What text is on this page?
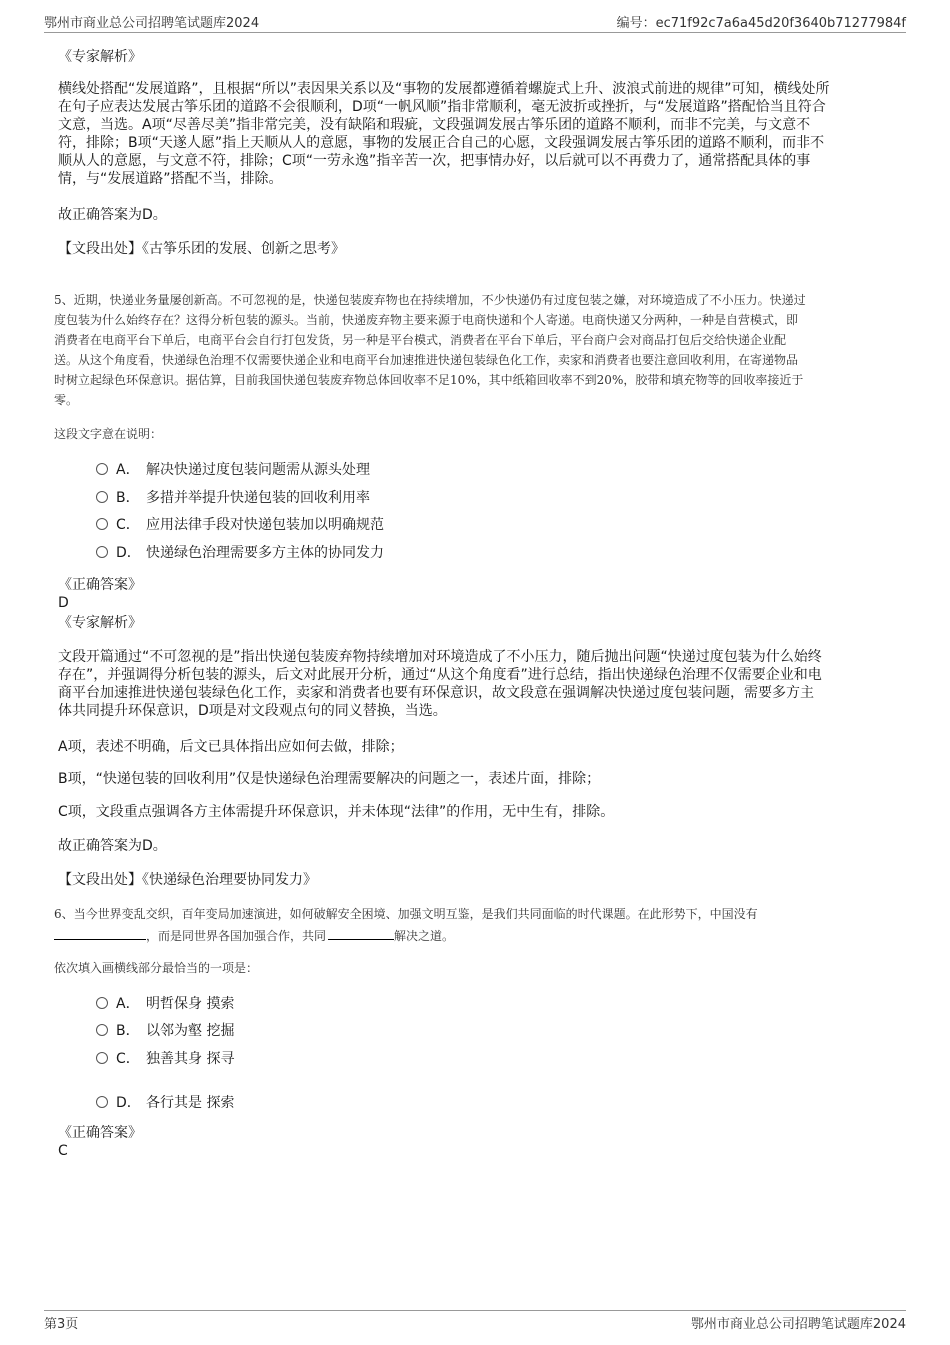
鄂州市商业总公司招聘笔试题库2024	编号：ec71f92c7a6a45d20f3640b71277984f
《专家解析》
横线处搭配“发展道路”，且根据“所以”表因果关系以及“事物的发展都遵循着螺旋式上升、波浪式前进的规律”可知，横线处所
在句子应表达发展古筝乐团的道路不会很顺利，D项“一帆风顺”指非常顺利，毫无波折或挫折，与“发展道路”搭配恰当且符合
文意，当选。A项“尽善尽美”指非常完美，没有缺陷和瑕疵，文段强调发展古筝乐团的道路不顺利，而非不完美，与文意不
符，排除；B项“天遂人愿”指上天顺从人的意愿，事物的发展正合自己的心愿，文段强调发展古筝乐团的道路不顺利，而非不
顺从人的意愿，与文意不符，排除；C项“一劳永逸”指辛苦一次，把事情办好，以后就可以不再费力了，通常搭配具体的事
情，与“发展道路”搭配不当，排除。
故正确答案为D。
【文段出处】《古筝乐团的发展、创新之思考》
5、近期，快递业务量屡创新高。不可忽视的是，快递包装废弃物也在持续增加，不少快递仍有过度包装之嫌，对环境造成了不小压力。快递过
度包装为什么始终存在？这得分析包装的源头。当前，快递废弃物主要来源于电商快递和个人寄递。电商快递又分两种，一种是自营模式，即
消费者在电商平台下单后，电商平台会自行打包发货，另一种是平台模式，消费者在平台下单后，平台商户会对商品打包后交给快递企业配
送。从这个角度看，快递绿色治理不仅需要快递企业和电商平台加速推进快递包装绿色化工作，卖家和消费者也要注意回收利用，在寄递物品
时树立起绿色环保意识。据估算，目前我国快递包装废弃物总体回收率不足10%，其中纸箱回收率不到20%，胶带和填充物等的回收率接近于
零。
这段文字意在说明：
A． 解决快递过度包装问题需从源头处理
B． 多措并举提升快递包装的回收利用率
C． 应用法律手段对快递包装加以明确规范
D． 快递绿色治理需要多方主体的协同发力
《正确答案》
D
《专家解析》
文段开篇通过“不可忽视的是”指出快递包装废弃物持续增加对环境造成了不小压力，随后抛出问题“快递过度包装为什么始终
存在”，并强调得分析包装的源头，后文对此展开分析，通过“从这个角度看”进行总结，指出快递绿色治理不仅需要企业和电
商平台加速推进快递包装绿色化工作，卖家和消费者也要有环保意识，故文段意在强调解决快递过度包装问题，需要多方主
体共同提升环保意识，D项是对文段观点句的同义替换，当选。
A项，表述不明确，后文已具体指出应如何去做，排除；
B项，“快递包装的回收利用”仅是快递绿色治理需要解决的问题之一，表述片面，排除；
C项，文段重点强调各方主体需提升环保意识，并未体现“法律”的作用，无中生有，排除。
故正确答案为D。
【文段出处】《快递绿色治理要协同发力》
6、当今世界变乱交织，百年变局加速演进，如何破解安全困境、加强文明互鉴，是我们共同面临的时代课题。在此形势下，中国没有
，而是同世界各国加强合作，共同	解决之道。
依次填入画横线部分最恰当的一项是：
A． 明哲保身 摸索
B． 以邻为壑 挖掘
C． 独善其身 探寻
D． 各行其是 探索
《正确答案》
C
第3页	鄂州市商业总公司招聘笔试题库2024
